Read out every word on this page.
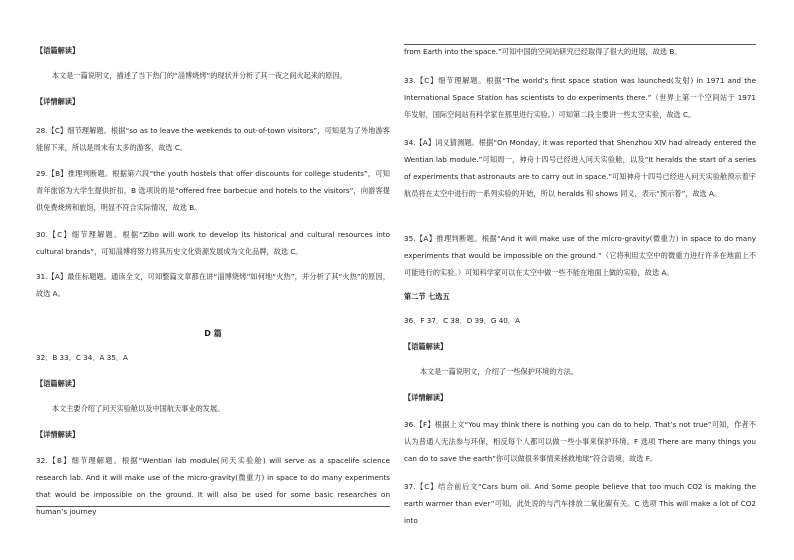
【语篇解读】
本文是一篇说明文，描述了当下热门的“淄博烧烤”的现状并分析了其一夜之间火起来的原因。
【详情解读】
28.【C】细节理解题。根据“so as to leave the weekends to out-of-town visitors”，可知是为了外地游客能留下来，所以是周末有太多的游客，故选 C。
29.【B】推理判断题。根据第六段“the youth hostels that offer discounts for college students”，可知青年旅馆为大学生提供折扣，B 选项说的是“offered free barbecue and hotels to the visitors”，向游客提供免费烧烤和旅馆，明显不符合实际情况，故选 B。
30.【C】细节理解题。根据“Zibo will work to develop its historical and cultural resources into cultural brands”，可知淄博将努力将其历史文化资源发展成为文化品牌，故选 C。
31.【A】最佳标题题。通读全文，可知整篇文章都在讲“淄博烧烤”如何地“火热”，并分析了其“火热”的原因，故选 A。
D 篇
32．B 33．C 34．A 35．A
【语篇解读】
本文主要介绍了问天实验舱以及中国航天事业的发展。
【详情解读】
32.【B】细节理解题。根据“Wentian lab module(问天实验舱) will serve as a spacelife science research lab. And it will make use of the micro-gravity(微重力) in space to do many experiments that would be impossible on the ground. It will also be used for some basic researches on human’s journey
from Earth into the space.”可知中国的空间站研究已经取得了很大的进展，故选 B。
33.【C】细节理解题。根据“The world’s first space station was launched(发射) in 1971 and the International Space Station has scientists to do experiments there.”（世界上第一个空间站于 1971 年发射，国际空间站有科学家在那里进行实验。）可知第二段主要讲一些太空实验，故选 C。
34.【A】词义猜测题。根据“On Monday, it was reported that Shenzhou XIV had already entered the Wentian lab module.”可知周一，神舟十四号已经进入问天实验舱，以及“It heralds the start of a series of experiments that astronauts are to carry out in space.”可知神舟十四号已经进入问天实验舱预示着宇航员将在太空中进行的一系列实验的开始，所以 heralds 和 shows 同义，表示“预示着”，故选 A。
35.【A】推理判断题。根据“And it will make use of the micro-gravity(微重力) in space to do many experiments that would be impossible on the ground.”（它将利用太空中的微重力进行许多在地面上不可能进行的实验。）可知科学家可以在太空中做一些不能在地面上做的实验，故选 A。
第二节 七选五
36．F 37．C 38．D 39．G 40．A
【语篇解读】
本文是一篇说明文，介绍了一些保护环境的方法。
【详情解读】
36.【F】根据上文“You may think there is nothing you can do to help. That’s not true”可知，作者不认为普通人无法参与环保，相反每个人都可以做一些小事来保护环境。F 选项 There are many things you can do to save the earth”你可以做很多事情来拯救地球”符合语境，故选 F。
37.【C】结合前后文“Cars burn oil. And Some people believe that too much CO2 is making the earth warmer than ever”可知，此处说的与汽车排放二氧化碳有关。C 选项 This will make a lot of CO2 into
